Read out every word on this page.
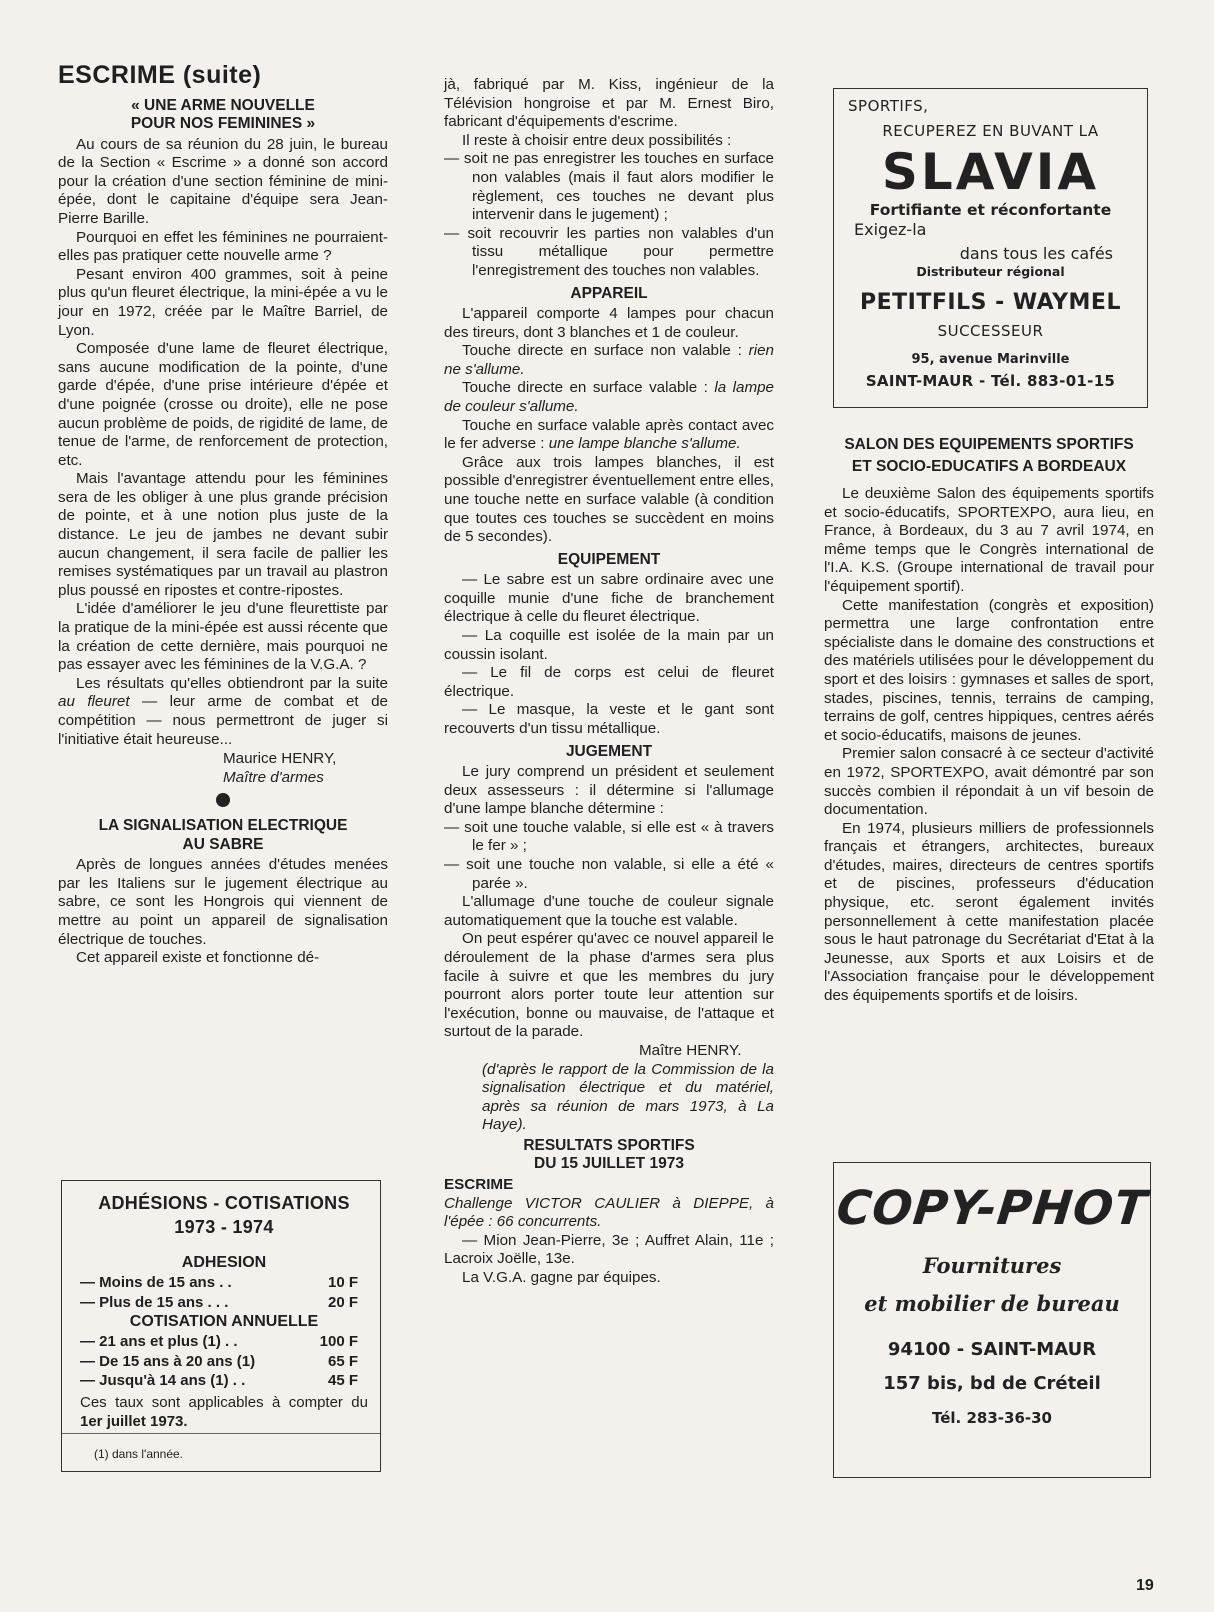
ESCRIME (suite)
« UNE ARME NOUVELLE
POUR NOS FEMININES »

Au cours de sa réunion du 28 juin, le bureau de la Section « Escrime » a donné son accord pour la création d'une section féminine de mini-épée, dont le capitaine d'équipe sera Jean-Pierre Barille.

Pourquoi en effet les féminines ne pourraient-elles pas pratiquer cette nouvelle arme ?

Pesant environ 400 grammes, soit à peine plus qu'un fleuret électrique, la mini-épée a vu le jour en 1972, créée par le Maître Barriel, de Lyon.

Composée d'une lame de fleuret électrique, sans aucune modification de la pointe, d'une garde d'épée, d'une prise intérieure d'épée et d'une poignée (crosse ou droite), elle ne pose aucun problème de poids, de rigidité de lame, de tenue de l'arme, de renforcement de protection, etc.

Mais l'avantage attendu pour les féminines sera de les obliger à une plus grande précision de pointe, et à une notion plus juste de la distance. Le jeu de jambes ne devant subir aucun changement, il sera facile de pallier les remises systématiques par un travail au plastron plus poussé en ripostes et contre-ripostes.

L'idée d'améliorer le jeu d'une fleurettiste par la pratique de la mini-épée est aussi récente que la création de cette dernière, mais pourquoi ne pas essayer avec les féminines de la V.G.A. ?

Les résultats qu'elles obtiendront par la suite au fleuret — leur arme de combat et de compétition — nous permettront de juger si l'initiative était heureuse...

Maurice HENRY,
Maître d'armes
LA SIGNALISATION ELECTRIQUE
AU SABRE

Après de longues années d'études menées par les Italiens sur le jugement électrique au sabre, ce sont les Hongrois qui viennent de mettre au point un appareil de signalisation électrique de touches.

Cet appareil existe et fonctionne dé-

ADHÉSIONS - COTISATIONS
1973 - 1974
ADHESION
— Moins de 15 ans . .	10 F
— Plus de 15 ans . . .	20 F
COTISATION ANNUELLE
— 21 ans et plus (1) . .	100 F
— De 15 ans à 20 ans (1)	65 F
— Jusqu'à 14 ans (1) . .	45 F
Ces taux sont applicables à compter du 1er juillet 1973.
(1) dans l'année.

jà, fabriqué par M. Kiss, ingénieur de la Télévision hongroise et par M. Ernest Biro, fabricant d'équipements d'escrime.

Il reste à choisir entre deux possibilités :

— soit ne pas enregistrer les touches en surface non valables (mais il faut alors modifier le règlement, ces touches ne devant plus intervenir dans le jugement) ;

— soit recouvrir les parties non valables d'un tissu métallique pour permettre l'enregistrement des touches non valables.

APPAREIL

L'appareil comporte 4 lampes pour chacun des tireurs, dont 3 blanches et 1 de couleur.

Touche directe en surface non valable : rien ne s'allume.

Touche directe en surface valable : la lampe de couleur s'allume.

Touche en surface valable après contact avec le fer adverse : une lampe blanche s'allume.

Grâce aux trois lampes blanches, il est possible d'enregistrer éventuellement entre elles, une touche nette en surface valable (à condition que toutes ces touches se succèdent en moins de 5 secondes).

EQUIPEMENT

— Le sabre est un sabre ordinaire avec une coquille munie d'une fiche de branchement électrique à celle du fleuret électrique.

— La coquille est isolée de la main par un coussin isolant.

— Le fil de corps est celui de fleuret électrique.

— Le masque, la veste et le gant sont recouverts d'un tissu métallique.

JUGEMENT

Le jury comprend un président et seulement deux assesseurs : il détermine si l'allumage d'une lampe blanche détermine :

— soit une touche valable, si elle est « à travers le fer » ;

— soit une touche non valable, si elle a été « parée ».

L'allumage d'une touche de couleur signale automatiquement que la touche est valable.

On peut espérer qu'avec ce nouvel appareil le déroulement de la phase d'armes sera plus facile à suivre et que les membres du jury pourront alors porter toute leur attention sur l'exécution, bonne ou mauvaise, de l'attaque et surtout de la parade.

Maître HENRY.

(d'après le rapport de la Commission de la signalisation électrique et du matériel, après sa réunion de mars 1973, à La Haye).

RESULTATS SPORTIFS
DU 15 JUILLET 1973

ESCRIME

Challenge VICTOR CAULIER à DIEPPE, à l'épée : 66 concurrents.

— Mion Jean-Pierre, 3e ; Auffret Alain, 11e ; Lacroix Joëlle, 13e.

La V.G.A. gagne par équipes.

SPORTIFS,
RECUPEREZ EN BUVANT LA
SLAVIA
Fortifiante et réconfortante
Exigez-la
dans tous les cafés
Distributeur régional
PETITFILS - WAYMEL
SUCCESSEUR
95, avenue Marinville
SAINT-MAUR - Tél. 883-01-15
SALON DES EQUIPEMENTS SPORTIFS
ET SOCIO-EDUCATIFS A BORDEAUX

Le deuxième Salon des équipements sportifs et socio-éducatifs, SPORTEXPO, aura lieu, en France, à Bordeaux, du 3 au 7 avril 1974, en même temps que le Congrès international de l'I.A. K.S. (Groupe international de travail pour l'équipement sportif).

Cette manifestation (congrès et exposition) permettra une large confrontation entre spécialiste dans le domaine des constructions et des matériels utilisées pour le développement du sport et des loisirs : gymnases et salles de sport, stades, piscines, tennis, terrains de camping, terrains de golf, centres hippiques, centres aérés et socio-éducatifs, maisons de jeunes.

Premier salon consacré à ce secteur d'activité en 1972, SPORTEXPO, avait démontré par son succès combien il répondait à un vif besoin de documentation.

En 1974, plusieurs milliers de professionnels français et étrangers, architectes, bureaux d'études, maires, directeurs de centres sportifs et de piscines, professeurs d'éducation physique, etc. seront également invités personnellement à cette manifestation placée sous le haut patronage du Secrétariat d'Etat à la Jeunesse, aux Sports et aux Loisirs et de l'Association française pour le développement des équipements sportifs et de loisirs.

COPY-PHOT
Fournitures
et mobilier de bureau
94100 - SAINT-MAUR
157 bis, bd de Créteil
Tél. 283-36-30
19
